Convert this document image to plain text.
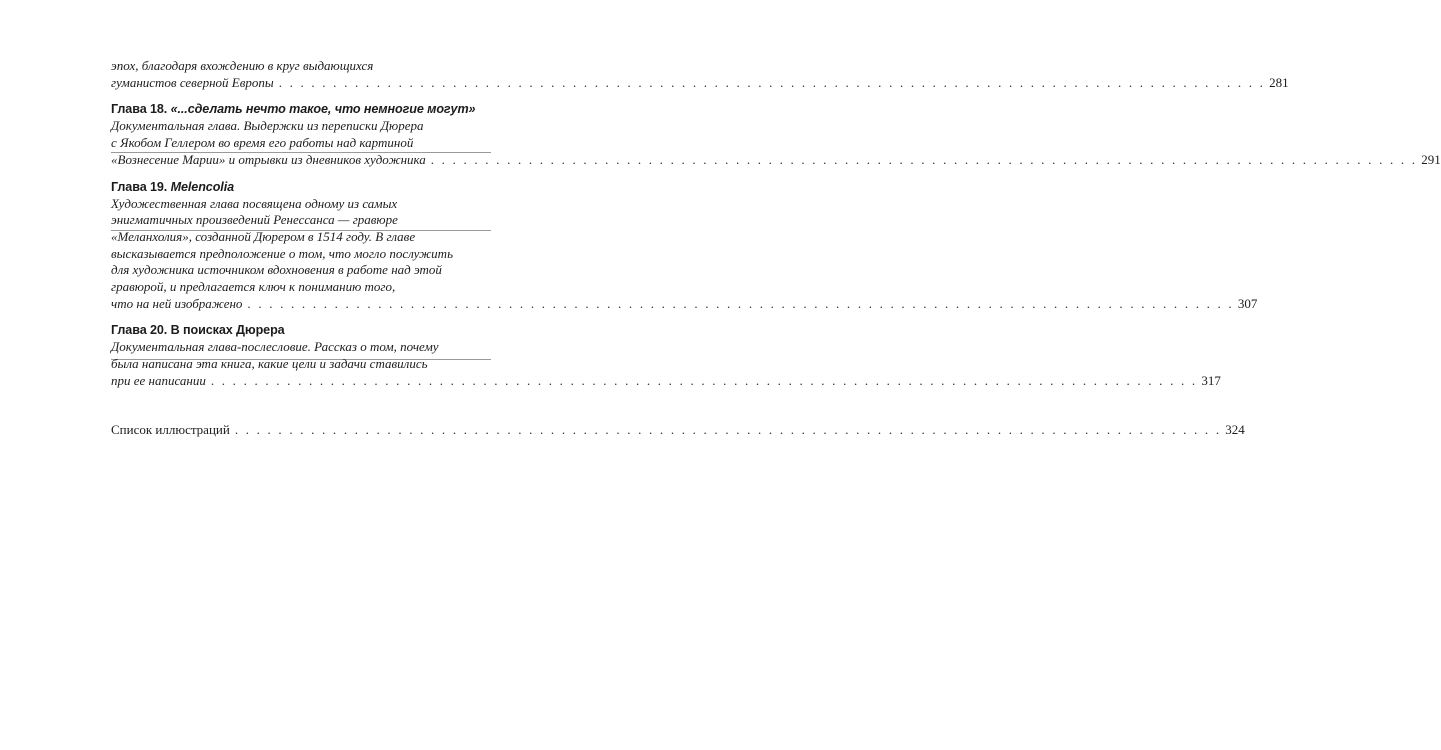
эпох, благодаря вхождению в круг выдающихся
гуманистов северной Европы . . . . . . . . . . . . . . . . . . . . . . . . . . . . . . . . . . . . . . . . . . . . . . . . . . . . . . . . . . . . . . . . . . . . . . . . . . . . . . . . . . . . . . . . . . . 281
Глава 18. «...сделать нечто такое, что немногие могут»
Документальная глава. Выдержки из переписки Дюрера
с Якобом Геллером во время его работы над картиной
«Вознесение Марии» и отрывки из дневников художника . . . . . . . . . . . . . . . . . . . . . . . . . . . . . . . . . . . . . . . . . . . . . . . . . . . . . . . . . . . . . . . . . . . . . . . . . . . . . . . . . . . . . . . . . . . 291
Глава 19. Melencolia
Художественная глава посвящена одному из самых
энигматичных произведений Ренессанса — гравюре
«Меланхолия», созданной Дюрером в 1514 году. В главе
высказывается предположение о том, что могло послужить
для художника источником вдохновения в работе над этой
гравюрой, и предлагается ключ к пониманию того,
что на ней изображено . . . . . . . . . . . . . . . . . . . . . . . . . . . . . . . . . . . . . . . . . . . . . . . . . . . . . . . . . . . . . . . . . . . . . . . . . . . . . . . . . . . . . . . . . . . 307
Глава 20. В поисках Дюрера
Документальная глава-послесловие. Рассказ о том, почему
была написана эта книга, какие цели и задачи ставились
при ее написании . . . . . . . . . . . . . . . . . . . . . . . . . . . . . . . . . . . . . . . . . . . . . . . . . . . . . . . . . . . . . . . . . . . . . . . . . . . . . . . . . . . . . . . . . . . 317
Список иллюстраций . . . . . . . . . . . . . . . . . . . . . . . . . . . . . . . . . . . . . . . . . . . . . . . . . . . . . . . . . . . . . . . . . . . . . . . . . . . . . . . . . . . . . . . . . . . 324
